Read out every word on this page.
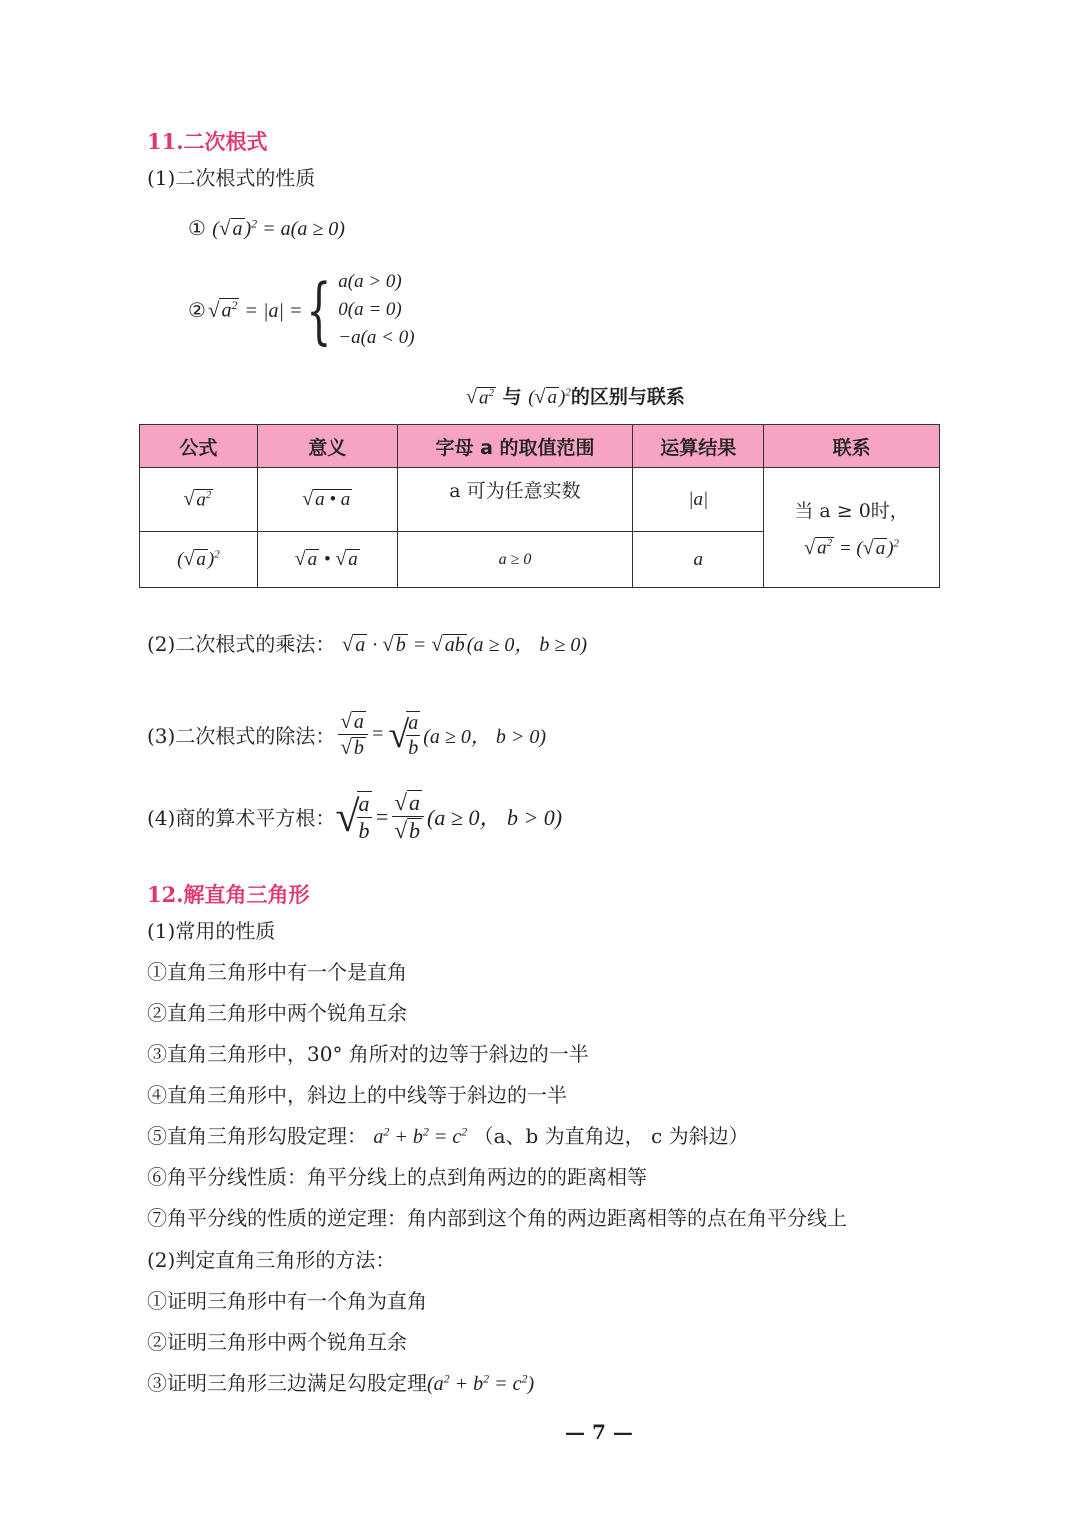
11.二次根式
(1)二次根式的性质
① (√ a )$^2$ = a(a ≥ 0)
② √ $a^2 = |a|$ = { a(a > 0)
0(a = 0)
−a(a < 0)
√ $a^2$ 与 (√ a )$^2$的区别与联系
公式	意义	字母 a 的取值范围	运算结果	联系
√ $a^2$	√ a • a	a 可为任意实数	|a|	当 a ≥ 0时，
√ $a^2$ = (√ a )$^2$

(√ a )$^2$	√ a • √ a	a ≥ 0	a	
(2)二次根式的乘法： √ a · √ b = √ ab (a ≥ 0， b ≥ 0)
(3)二次根式的除法： $\frac{√ a}{√ b}$ = √
$\frac{a}{b} (a \ge 0$， b > 0)
(4)商的算术平方根： √
$\frac{a}{b} = \frac{√a}{√b} (a \ge 0$， b > 0)
12.解直角三角形
(1)常用的性质
①直角三角形中有一个是直角
②直角三角形中两个锐角互余
③直角三角形中，30° 角所对的边等于斜边的一半
④直角三角形中，斜边上的中线等于斜边的一半
⑤直角三角形勾股定理： $a^2 + b^2 = c^2$ （a、b 为直角边， c 为斜边）
⑥角平分线性质：角平分线上的点到角两边的的距离相等
⑦角平分线的性质的逆定理：角内部到这个角的两边距离相等的点在角平分线上
(2)判定直角三角形的方法：
①证明三角形中有一个角为直角
②证明三角形中两个锐角互余
③证明三角形三边满足勾股定理$(a^2 + b^2 = c^2)$
— 7 —
